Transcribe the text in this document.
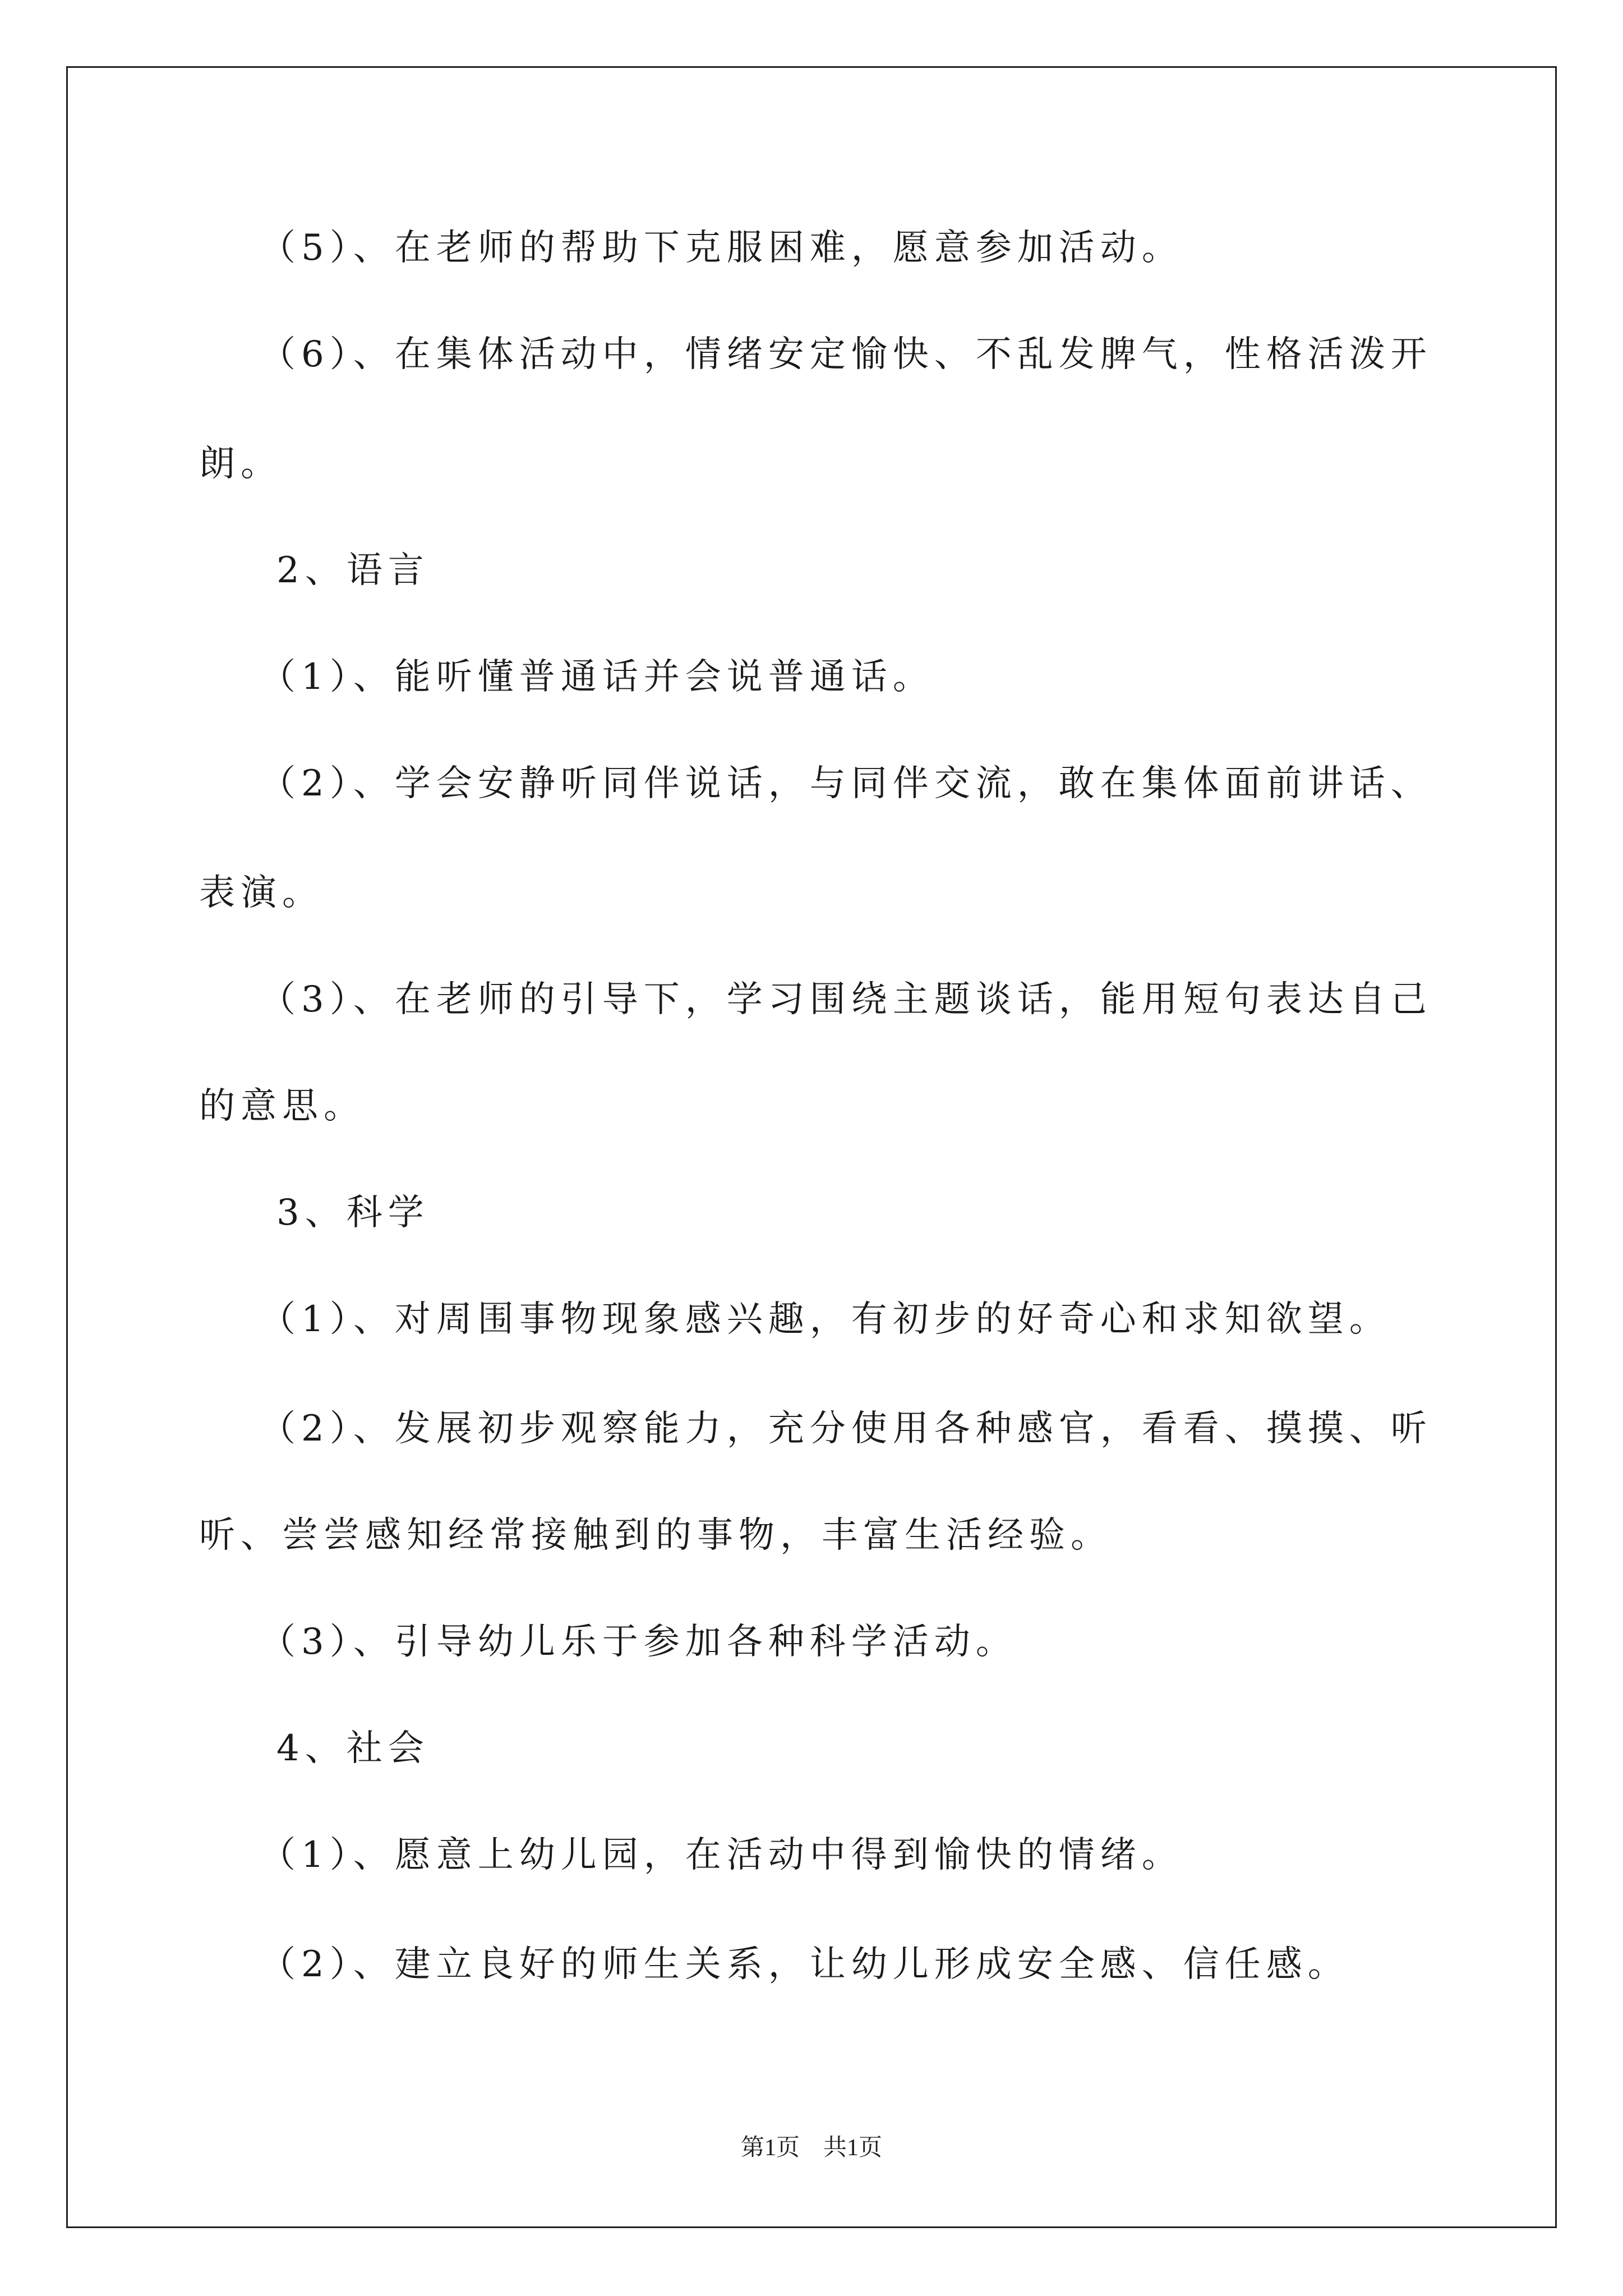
（5）、在老师的帮助下克服困难，愿意参加活动。
（6）、在集体活动中，情绪安定愉快、不乱发脾气，性格活泼开
朗。
2、语言
（1）、能听懂普通话并会说普通话。
（2）、学会安静听同伴说话，与同伴交流，敢在集体面前讲话、
表演。
（3）、在老师的引导下，学习围绕主题谈话，能用短句表达自己
的意思。
3、科学
（1）、对周围事物现象感兴趣，有初步的好奇心和求知欲望。
（2）、发展初步观察能力，充分使用各种感官，看看、摸摸、听
听、尝尝感知经常接触到的事物，丰富生活经验。
（3）、引导幼儿乐于参加各种科学活动。
4、社会
（1）、愿意上幼儿园，在活动中得到愉快的情绪。
（2）、建立良好的师生关系，让幼儿形成安全感、信任感。
第1页　共1页
